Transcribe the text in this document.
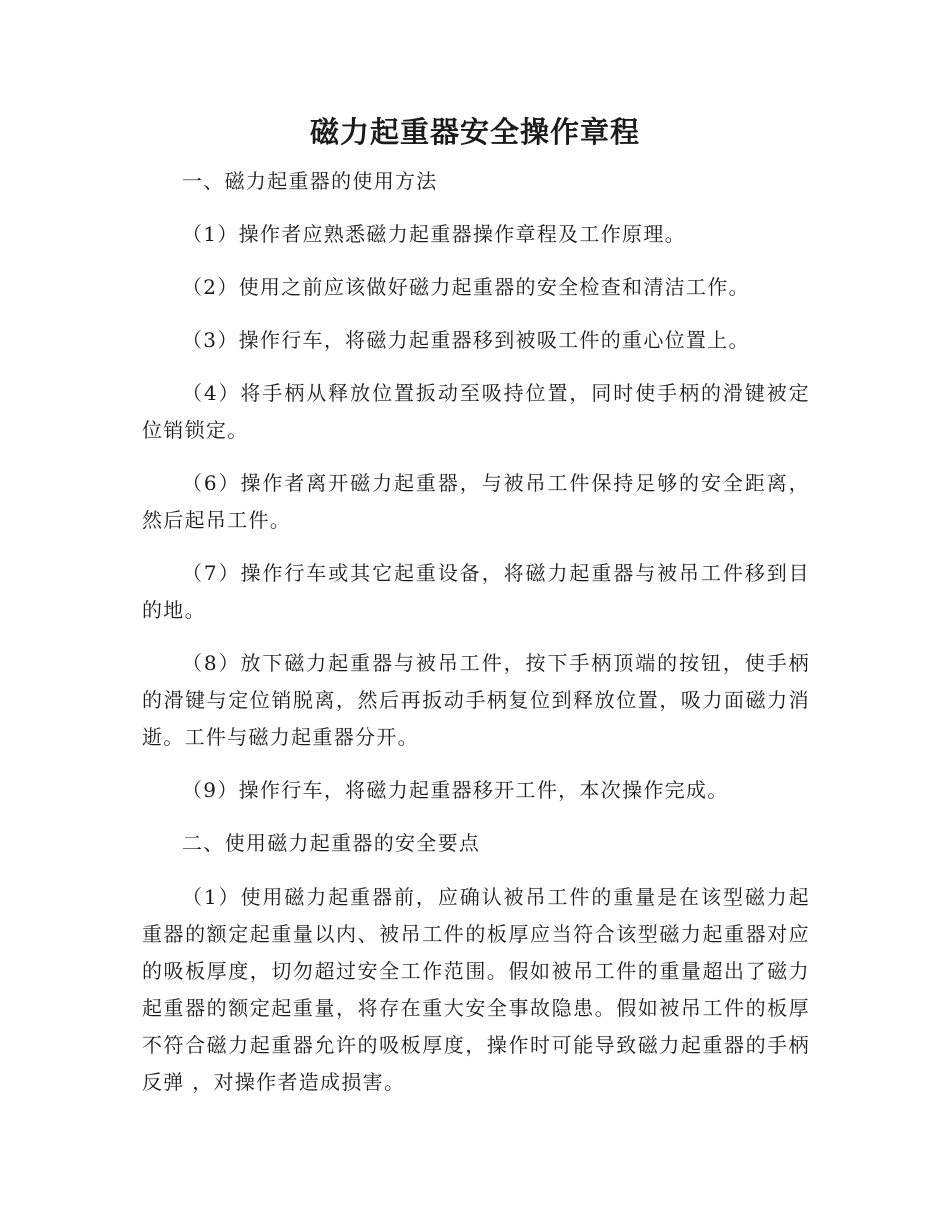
磁力起重器安全操作章程

一、磁力起重器的使用方法

（1）操作者应熟悉磁力起重器操作章程及工作原理。

（2）使用之前应该做好磁力起重器的安全检查和清洁工作。

（3）操作行车，将磁力起重器移到被吸工件的重心位置上。

（4）将手柄从释放位置扳动至吸持位置，同时使手柄的滑键被定位销锁定。

（6）操作者离开磁力起重器，与被吊工件保持足够的安全距离，然后起吊工件。

（7）操作行车或其它起重设备，将磁力起重器与被吊工件移到目的地。

（8）放下磁力起重器与被吊工件，按下手柄顶端的按钮，使手柄的滑键与定位销脱离，然后再扳动手柄复位到释放位置，吸力面磁力消逝。工件与磁力起重器分开。

（9）操作行车，将磁力起重器移开工件，本次操作完成。

二、使用磁力起重器的安全要点

（1）使用磁力起重器前，应确认被吊工件的重量是在该型磁力起重器的额定起重量以内、被吊工件的板厚应当符合该型磁力起重器对应的吸板厚度，切勿超过安全工作范围。假如被吊工件的重量超出了磁力起重器的额定起重量，将存在重大安全事故隐患。假如被吊工件的板厚不符合磁力起重器允许的吸板厚度，操作时可能导致磁力起重器的手柄反弹 ，对操作者造成损害。
